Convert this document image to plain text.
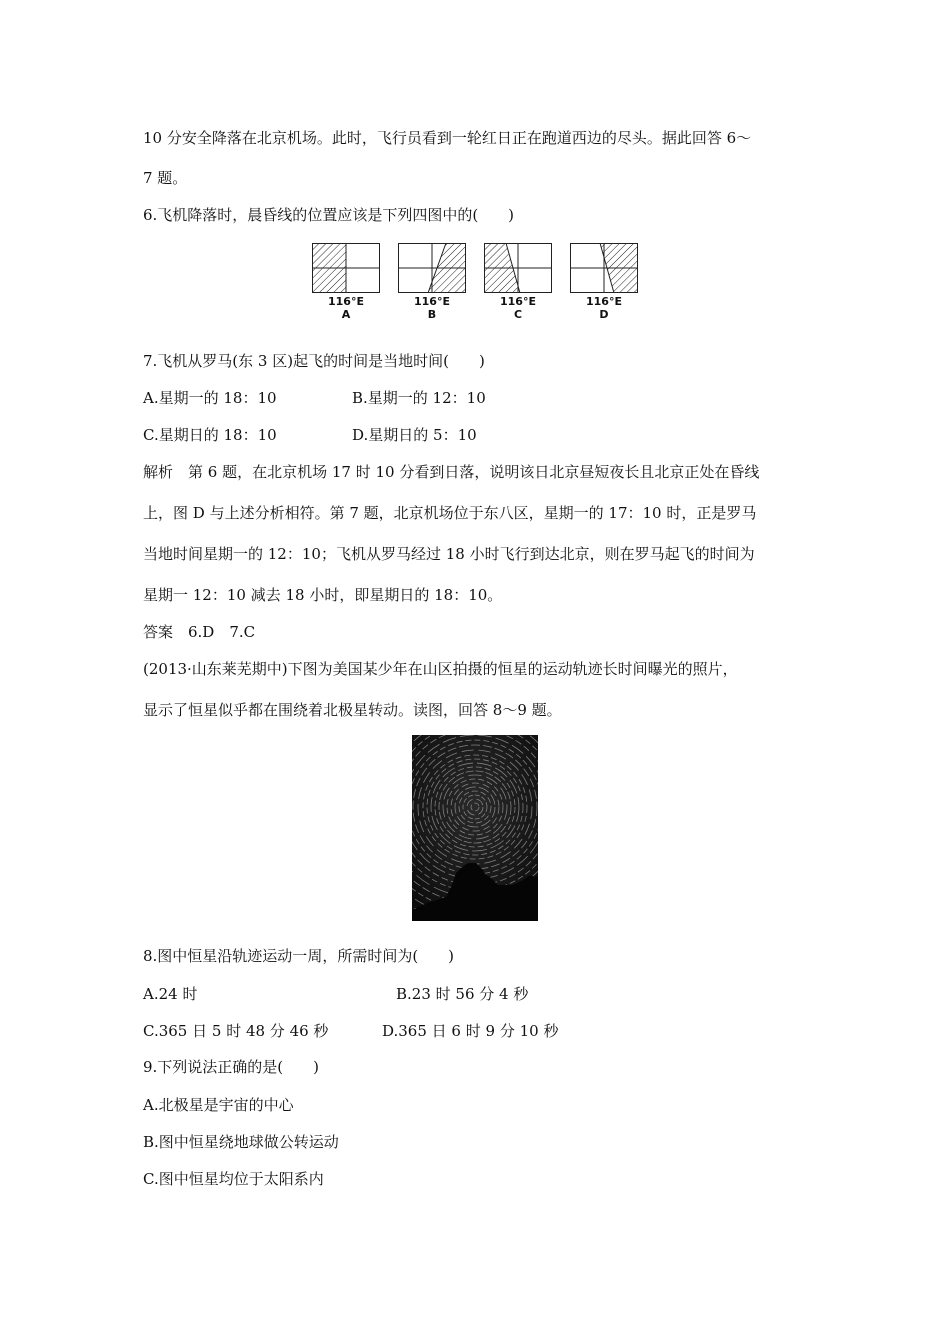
10 分安全降落在北京机场。此时，飞行员看到一轮红日正在跑道西边的尽头。据此回答 6～
7 题。
6.飞机降落时，晨昏线的位置应该是下列四图中的(　　)
116°E
A
116°E
B
116°E
C
116°E
D
7.飞机从罗马(东 3 区)起飞的时间是当地时间(　　)
A.星期一的 18：10	B.星期一的 12：10
C.星期日的 18：10	D.星期日的 5：10
解析　第 6 题，在北京机场 17 时 10 分看到日落，说明该日北京昼短夜长且北京正处在昏线
上，图 D 与上述分析相符。第 7 题，北京机场位于东八区，星期一的 17：10 时，正是罗马
当地时间星期一的 12：10；飞机从罗马经过 18 小时飞行到达北京，则在罗马起飞的时间为
星期一 12：10 减去 18 小时，即星期日的 18：10。
答案　6.D　7.C
(2013·山东莱芜期中)下图为美国某少年在山区拍摄的恒星的运动轨迹长时间曝光的照片，
显示了恒星似乎都在围绕着北极星转动。读图，回答 8～9 题。
8.图中恒星沿轨迹运动一周，所需时间为(　　)
A.24 时	B.23 时 56 分 4 秒
C.365 日 5 时 48 分 46 秒	D.365 日 6 时 9 分 10 秒
9.下列说法正确的是(　　)
A.北极星是宇宙的中心
B.图中恒星绕地球做公转运动
C.图中恒星均位于太阳系内
